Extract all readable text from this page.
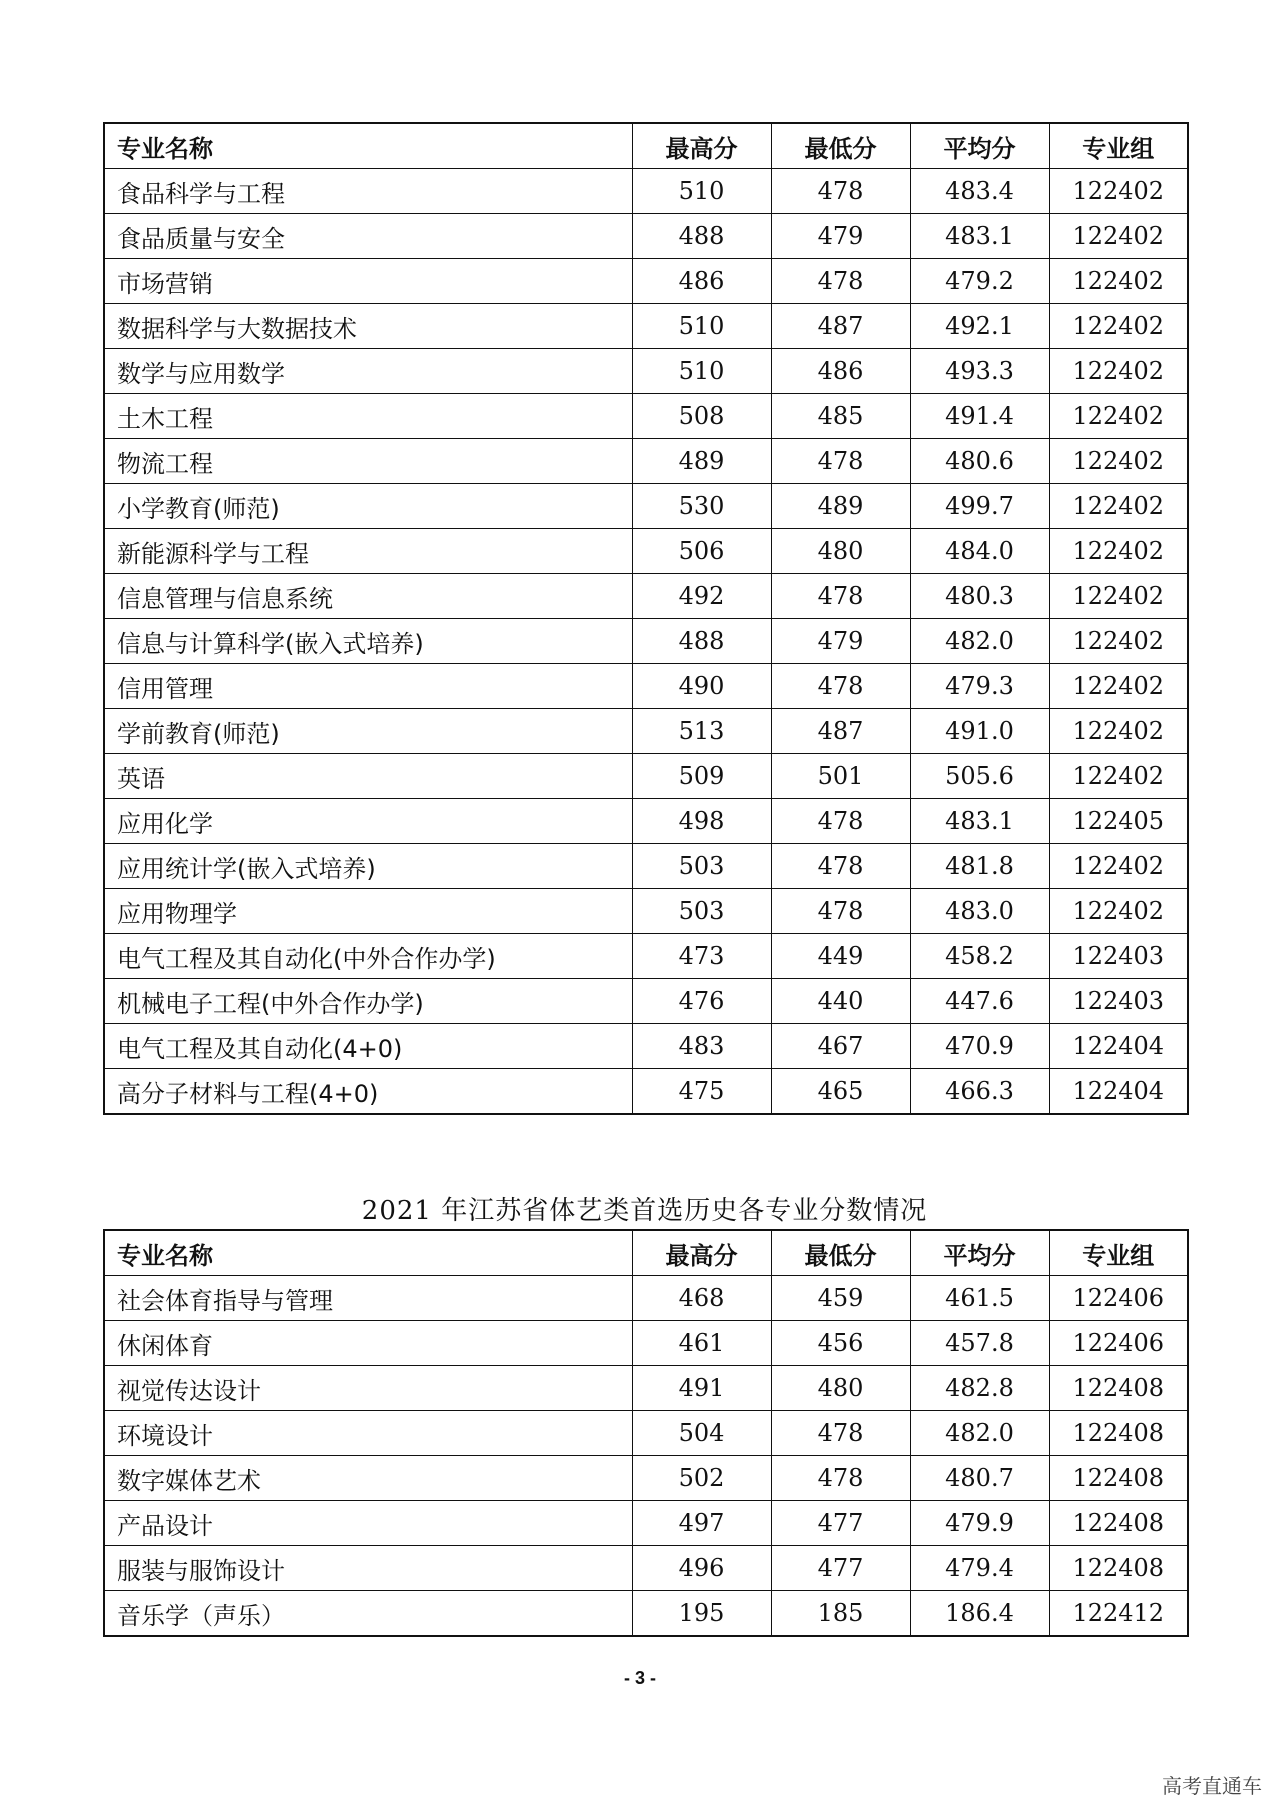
专业名称	最高分	最低分	平均分	专业组
食品科学与工程	510	478	483.4	122402
食品质量与安全	488	479	483.1	122402
市场营销	486	478	479.2	122402
数据科学与大数据技术	510	487	492.1	122402
数学与应用数学	510	486	493.3	122402
土木工程	508	485	491.4	122402
物流工程	489	478	480.6	122402
小学教育(师范)	530	489	499.7	122402
新能源科学与工程	506	480	484.0	122402
信息管理与信息系统	492	478	480.3	122402
信息与计算科学(嵌入式培养)	488	479	482.0	122402
信用管理	490	478	479.3	122402
学前教育(师范)	513	487	491.0	122402
英语	509	501	505.6	122402
应用化学	498	478	483.1	122405
应用统计学(嵌入式培养)	503	478	481.8	122402
应用物理学	503	478	483.0	122402
电气工程及其自动化(中外合作办学)	473	449	458.2	122403
机械电子工程(中外合作办学)	476	440	447.6	122403
电气工程及其自动化(4+0)	483	467	470.9	122404
高分子材料与工程(4+0)	475	465	466.3	122404
2021 年江苏省体艺类首选历史各专业分数情况
专业名称	最高分	最低分	平均分	专业组
社会体育指导与管理	468	459	461.5	122406
休闲体育	461	456	457.8	122406
视觉传达设计	491	480	482.8	122408
环境设计	504	478	482.0	122408
数字媒体艺术	502	478	480.7	122408
产品设计	497	477	479.9	122408
服装与服饰设计	496	477	479.4	122408
音乐学（声乐）	195	185	186.4	122412
- 3 -
高考直通车
